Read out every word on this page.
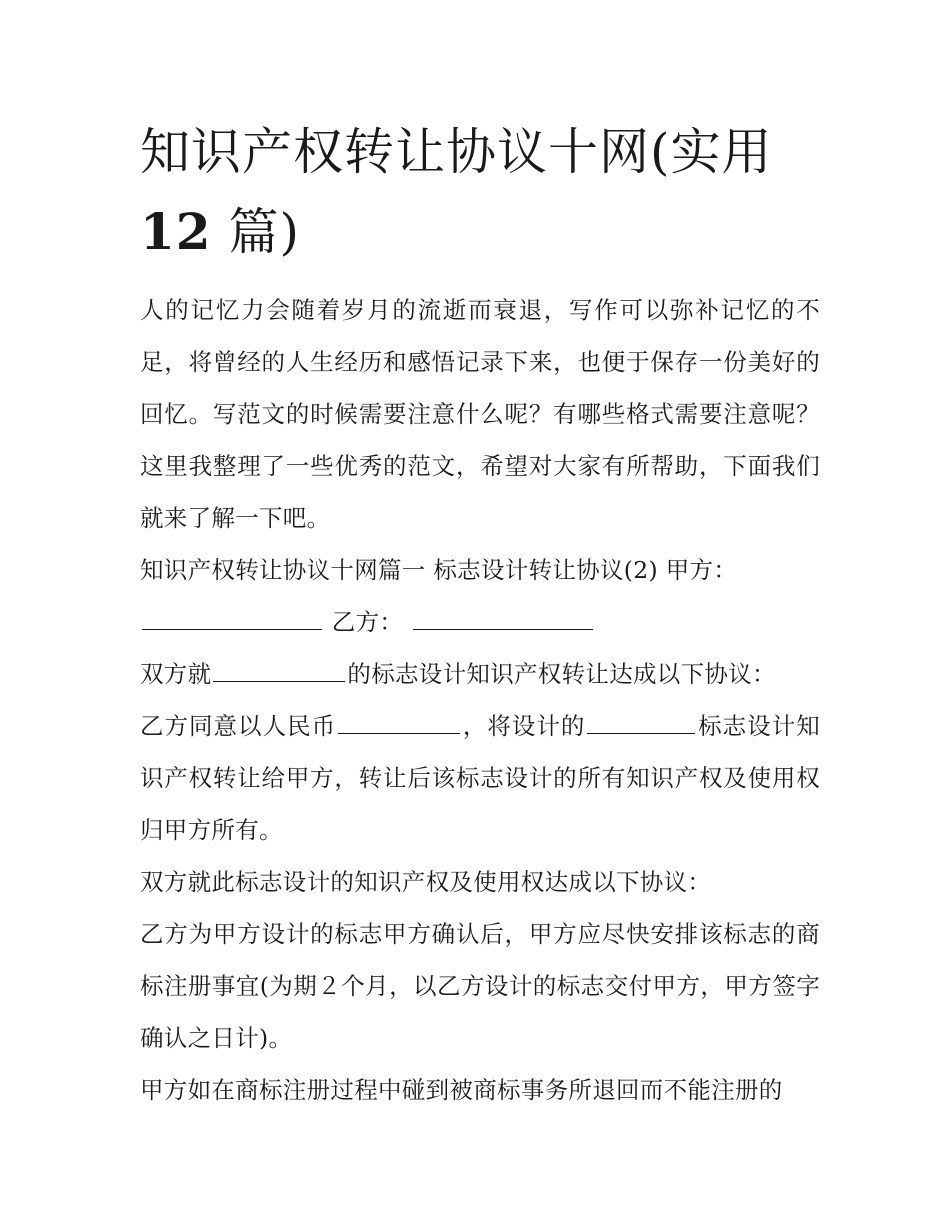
知识产权转让协议十网(实用
12 篇)

人的记忆力会随着岁月的流逝而衰退，写作可以弥补记忆的不足，将曾经的人生经历和感悟记录下来，也便于保存一份美好的回忆。写范文的时候需要注意什么呢？有哪些格式需要注意呢？这里我整理了一些优秀的范文，希望对大家有所帮助，下面我们就来了解一下吧。

知识产权转让协议十网篇一 标志设计转让协议(2) 甲方：

乙方：

双方就	的标志设计知识产权转让达成以下协议：

乙方同意以人民币	，将设计的	标志设计知识产权转让给甲方，转让后该标志设计的所有知识产权及使用权归甲方所有。

双方就此标志设计的知识产权及使用权达成以下协议：

乙方为甲方设计的标志甲方确认后，甲方应尽快安排该标志的商标注册事宜(为期２个月，以乙方设计的标志交付甲方，甲方签字确认之日计)。

甲方如在商标注册过程中碰到被商标事务所退回而不能注册的
